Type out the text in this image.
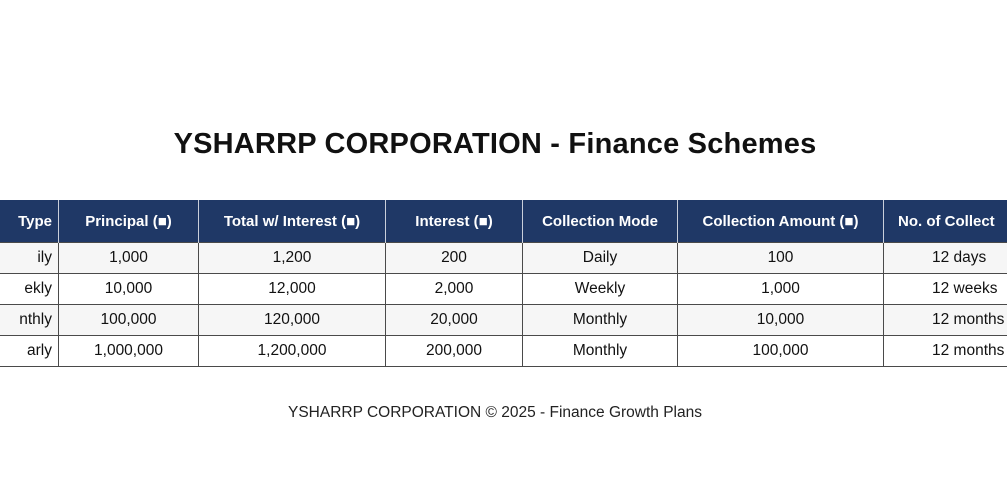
YSHARRP CORPORATION - Finance Schemes
Type	Principal (■)	Total w/ Interest (■)	Interest (■)	Collection Mode	Collection Amount (■)	No. of Collect
ily	1,000	1,200	200	Daily	100	12 days
ekly	10,000	12,000	2,000	Weekly	1,000	12 weeks
nthly	100,000	120,000	20,000	Monthly	10,000	12 months
arly	1,000,000	1,200,000	200,000	Monthly	100,000	12 months
YSHARRP CORPORATION © 2025 - Finance Growth Plans
